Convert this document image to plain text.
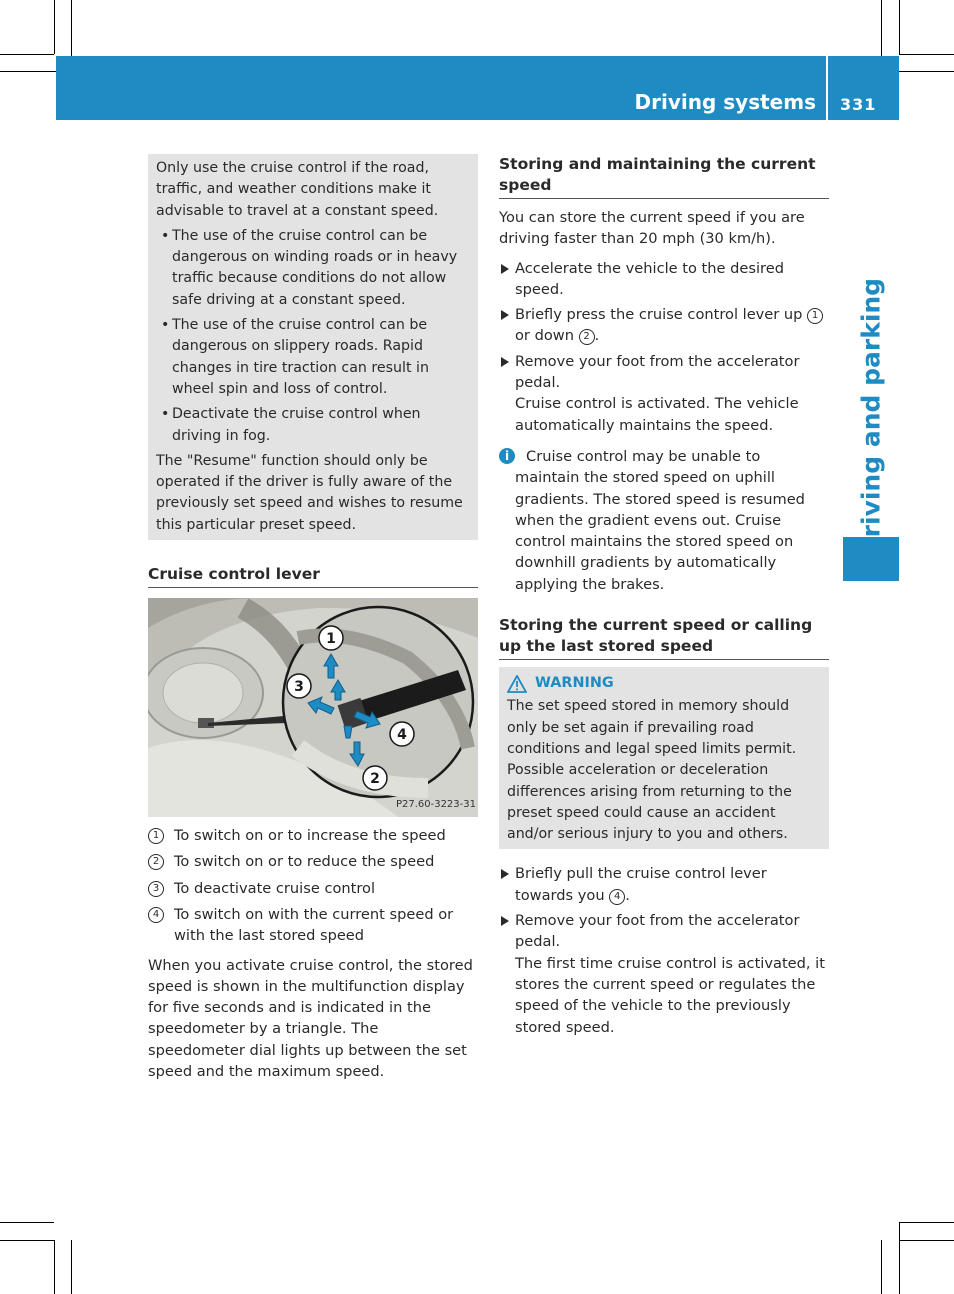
Driving systems 331
Driving and parking

Only use the cruise control if the road, traffic, and weather conditions make it advisable to travel at a constant speed.

• The use of the cruise control can be dangerous on winding roads or in heavy traffic because conditions do not allow safe driving at a constant speed.
• The use of the cruise control can be dangerous on slippery roads. Rapid changes in tire traction can result in wheel spin and loss of control.
• Deactivate the cruise control when driving in fog.

The "Resume" function should only be operated if the driver is fully aware of the previously set speed and wishes to resume this particular preset speed.

Cruise control lever
1
2
3
4
P27.60-3223-31
1	To switch on or to increase the speed
2	To switch on or to reduce the speed
3	To deactivate cruise control
4	To switch on with the current speed or with the last stored speed

When you activate cruise control, the stored speed is shown in the multifunction display for five seconds and is indicated in the speedometer by a triangle. The speedometer dial lights up between the set speed and the maximum speed.

Storing and maintaining the current speed

You can store the current speed if you are driving faster than 20 mph (30 km/h).

Accelerate the vehicle to the desired speed.
Briefly press the cruise control lever up 1 or down 2 .
Remove your foot from the accelerator pedal.
Cruise control is activated. The vehicle automatically maintains the speed.
i	Cruise control may be unable to maintain the stored speed on uphill gradients. The stored speed is resumed when the gradient evens out. Cruise control maintains the stored speed on downhill gradients by automatically applying the brakes.
Storing the current speed or calling up the last stored speed
WARNING

The set speed stored in memory should only be set again if prevailing road conditions and legal speed limits permit. Possible acceleration or deceleration differences arising from returning to the preset speed could cause an accident and/or serious injury to you and others.

Briefly pull the cruise control lever towards you 4 .
Remove your foot from the accelerator pedal.
The first time cruise control is activated, it stores the current speed or regulates the speed of the vehicle to the previously stored speed.
